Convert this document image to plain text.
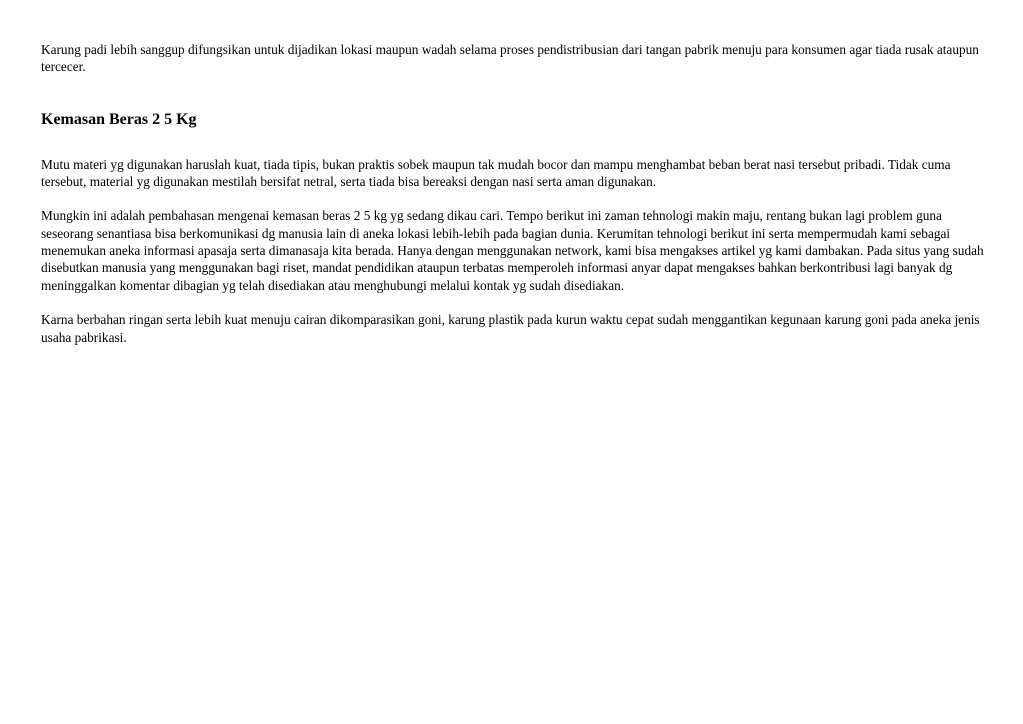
Karung padi lebih sanggup difungsikan untuk dijadikan lokasi maupun wadah selama proses pendistribusian dari tangan pabrik menuju para konsumen agar tiada rusak ataupun tercecer.

Kemasan Beras 2 5 Kg

Mutu materi yg digunakan haruslah kuat, tiada tipis, bukan praktis sobek maupun tak mudah bocor dan mampu menghambat beban berat nasi tersebut pribadi. Tidak cuma tersebut, material yg digunakan mestilah bersifat netral, serta tiada bisa bereaksi dengan nasi serta aman digunakan.

Mungkin ini adalah pembahasan mengenai kemasan beras 2 5 kg yg sedang dikau cari. Tempo berikut ini zaman tehnologi makin maju, rentang bukan lagi problem guna seseorang senantiasa bisa berkomunikasi dg manusia lain di aneka lokasi lebih-lebih pada bagian dunia. Kerumitan tehnologi berikut ini serta mempermudah kami sebagai menemukan aneka informasi apasaja serta dimanasaja kita berada. Hanya dengan menggunakan network, kami bisa mengakses artikel yg kami dambakan. Pada situs yang sudah disebutkan manusia yang menggunakan bagi riset, mandat pendidikan ataupun terbatas memperoleh informasi anyar dapat mengakses bahkan berkontribusi lagi banyak dg meninggalkan komentar dibagian yg telah disediakan atau menghubungi melalui kontak yg sudah disediakan.

Karna berbahan ringan serta lebih kuat menuju cairan dikomparasikan goni, karung plastik pada kurun waktu cepat sudah menggantikan kegunaan karung goni pada aneka jenis usaha pabrikasi.
